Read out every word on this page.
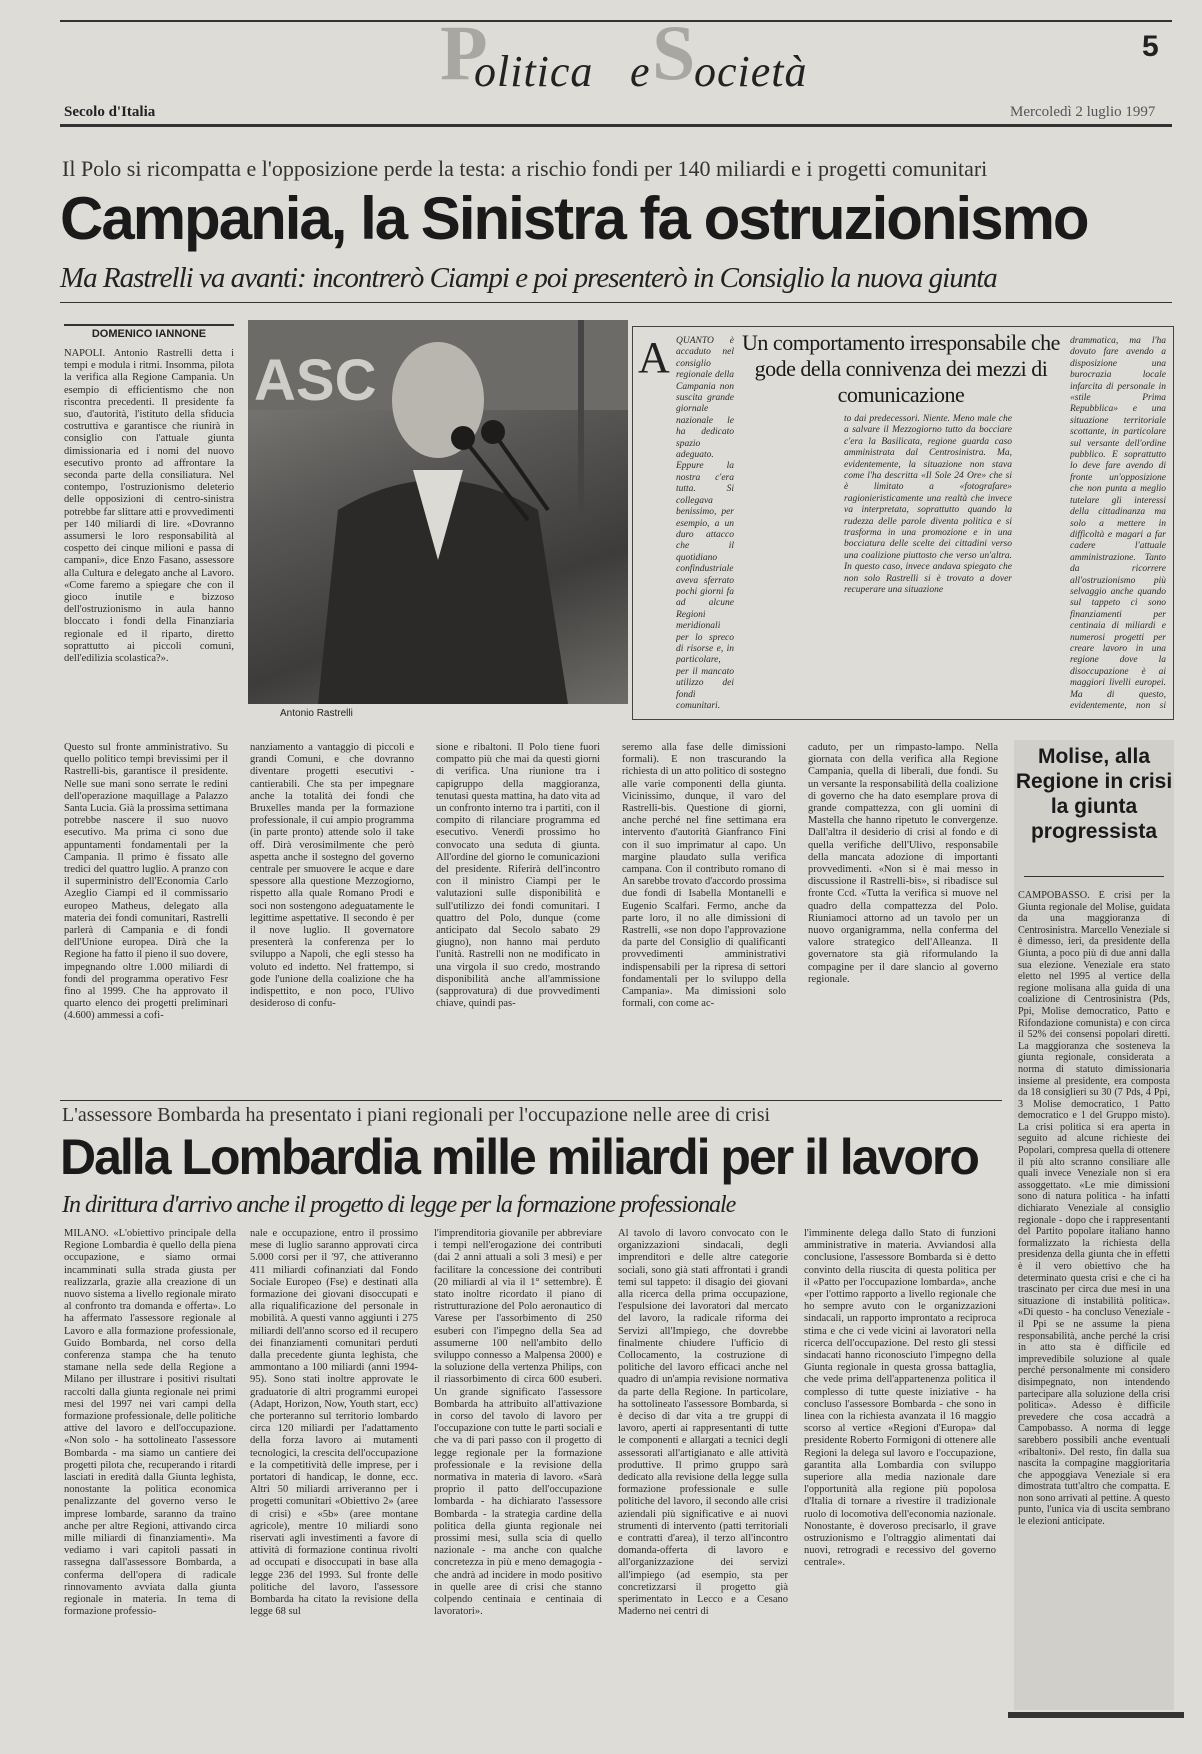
P
olitica e S
ocietà
5
Secolo d'Italia	Mercoledì 2 luglio 1997
Il Polo si ricompatta e l'opposizione perde la testa: a rischio fondi per 140 miliardi e i progetti comunitari
Campania, la Sinistra fa ostruzionismo
Ma Rastrelli va avanti: incontrerò Ciampi e poi presenterò in Consiglio la nuova giunta
DOMENICO IANNONE
NAPOLI. Antonio Rastrelli detta i tempi e modula i ritmi. Insomma, pilota la verifica alla Regione Campania. Un esempio di efficientismo che non riscontra precedenti. Il presidente fa suo, d'autorità, l'istituto della sfiducia costruttiva e garantisce che riunirà in consiglio con l'attuale giunta dimissionaria ed i nomi del nuovo esecutivo pronto ad affrontare la seconda parte della consiliatura. Nel contempo, l'ostruzionismo deleterio delle opposizioni di centro-sinistra potrebbe far slittare atti e provvedimenti per 140 miliardi di lire. «Dovranno assumersi le loro responsabilità al cospetto dei cinque milioni e passa di campani», dice Enzo Fasano, assessore alla Cultura e delegato anche al Lavoro. «Come faremo a spiegare che con il gioco inutile e bizzoso dell'ostruzionismo in aula hanno bloccato i fondi della Finanziaria regionale ed il riparto, diretto soprattutto ai piccoli comuni, dell'edilizia scolastica?».
ASC
Antonio Rastrelli
A	Un comportamento irresponsabile che gode della connivenza dei mezzi di comunicazione
QUANTO è accaduto nel consiglio regionale della Campania non suscita grande giornale nazionale le ha dedicato spazio adeguato. Eppure la nostra c'era tutta. Si collegava benissimo, per esempio, a un duro attacco che il quotidiano confindustriale aveva sferrato pochi giorni fa ad alcune Regioni meridionali per lo spreco di risorse e, in particolare, per il mancato utilizzo dei fondi comunitari.
to dai predecessori. Niente. Meno male che a salvare il Mezzogiorno tutto da bocciare c'era la Basilicata, regione guarda caso amministrata dal Centrosinistra. Ma, evidentemente, la situazione non stava come l'ha descritta «Il Sole 24 Ore» che si è limitato a «fotografare» ragionieristicamente una realtà che invece va interpretata, soprattutto quando la rudezza delle parole diventa politica e si trasforma in una promozione e in una bocciatura delle scelte dei cittadini verso una coalizione piuttosto che verso un'altra. In questo caso, invece andava spiegato che non solo Rastrelli si è trovato a dover recuperare una situazione
drammatica, ma l'ha dovuto fare avendo a disposizione una burocrazia locale infarcita di personale in «stile Prima Repubblica» e una situazione territoriale scottante, in particolare sul versante dell'ordine pubblico. E soprattutto lo deve fare avendo di fronte un'opposizione che non punta a meglio tutelare gli interessi della cittadinanza ma solo a mettere in difficoltà e magari a far cadere l'attuale amministrazione. Tanto da ricorrere all'ostruzionismo più selvaggio anche quando sul tappeto ci sono finanziamenti per centinaia di miliardi e numerosi progetti per creare lavoro in una regione dove la disoccupazione è ai maggiori livelli europei. Ma di questo, evidentemente, non si
Questo sul fronte amministrativo. Su quello politico tempi brevissimi per il Rastrelli-bis, garantisce il presidente. Nelle sue mani sono serrate le redini dell'operazione maquillage a Palazzo Santa Lucia. Già la prossima settimana potrebbe nascere il suo nuovo esecutivo. Ma prima ci sono due appuntamenti fondamentali per la Campania. Il primo è fissato alle tredici del quattro luglio. A pranzo con il superministro dell'Economia Carlo Azeglio Ciampi ed il commissario europeo Matheus, delegato alla materia dei fondi comunitari, Rastrelli parlerà di Campania e di fondi dell'Unione europea. Dirà che la Regione ha fatto il pieno il suo dovere, impegnando oltre 1.000 miliardi di fondi del programma operativo Fesr fino al 1999. Che ha approvato il quarto elenco dei progetti preliminari (4.600) ammessi a cofi-
nanziamento a vantaggio di piccoli e grandi Comuni, e che dovranno diventare progetti esecutivi - cantierabili. Che sta per impegnare anche la totalità dei fondi che Bruxelles manda per la formazione professionale, il cui ampio programma (in parte pronto) attende solo il take off. Dirà verosimilmente che però aspetta anche il sostegno del governo centrale per smuovere le acque e dare spessore alla questione Mezzogiorno, rispetto alla quale Romano Prodi e soci non sostengono adeguatamente le legittime aspettative. Il secondo è per il nove luglio. Il governatore presenterà la conferenza per lo sviluppo a Napoli, che egli stesso ha voluto ed indetto. Nel frattempo, si gode l'unione della coalizione che ha indispettito, e non poco, l'Ulivo desideroso di confu-
sione e ribaltoni. Il Polo tiene fuori compatto più che mai da questi giorni di verifica. Una riunione tra i capigruppo della maggioranza, tenutasi questa mattina, ha dato vita ad un confronto interno tra i partiti, con il compito di rilanciare programma ed esecutivo. Venerdì prossimo ho convocato una seduta di giunta. All'ordine del giorno le comunicazioni del presidente. Riferirà dell'incontro con il ministro Ciampi per le valutazioni sulle disponibilità e sull'utilizzo dei fondi comunitari. I quattro del Polo, dunque (come anticipato dal Secolo sabato 29 giugno), non hanno mai perduto l'unità. Rastrelli non ne modificato in una virgola il suo credo, mostrando disponibilità anche all'ammissione (sapprovatura) di due provvedimenti chiave, quindi pas-
seremo alla fase delle dimissioni formali). E non trascurando la richiesta di un atto politico di sostegno alle varie componenti della giunta. Vicinissimo, dunque, il varo del Rastrelli-bis. Questione di giorni, anche perché nel fine settimana era intervento d'autorità Gianfranco Fini con il suo imprimatur al capo. Un margine plaudato sulla verifica campana. Con il contributo romano di An sarebbe trovato d'accordo prossima due fondi di Isabella Montanelli e Eugenio Scalfari. Fermo, anche da parte loro, il no alle dimissioni di Rastrelli, «se non dopo l'approvazione da parte del Consiglio di qualificanti provvedimenti amministrativi indispensabili per la ripresa di settori fondamentali per lo sviluppo della Campania». Ma dimissioni solo formali, con come ac-
caduto, per un rimpasto-lampo. Nella giornata con della verifica alla Regione Campania, quella di liberali, due fondi. Su un versante la responsabilità della coalizione di governo che ha dato esemplare prova di grande compattezza, con gli uomini di Mastella che hanno ripetuto le convergenze. Dall'altra il desiderio di crisi al fondo e di quella verifiche dell'Ulivo, responsabile della mancata adozione di importanti provvedimenti. «Non si è mai messo in discussione il Rastrelli-bis», si ribadisce sul fronte Ccd. «Tutta la verifica si muove nel quadro della compattezza del Polo. Riuniamoci attorno ad un tavolo per un nuovo organigramma, nella conferma del valore strategico dell'Alleanza. Il governatore sta già riformulando la compagine per il dare slancio al governo regionale.
Molise, alla Regione in crisi la giunta progressista
CAMPOBASSO. È crisi per la Giunta regionale del Molise, guidata da una maggioranza di Centrosinistra. Marcello Veneziale si è dimesso, ieri, da presidente della Giunta, a poco più di due anni dalla sua elezione. Veneziale era stato eletto nel 1995 al vertice della regione molisana alla guida di una coalizione di Centrosinistra (Pds, Ppi, Molise democratico, Patto e Rifondazione comunista) e con circa il 52% dei consensi popolari diretti. La maggioranza che sosteneva la giunta regionale, considerata a norma di statuto dimissionaria insieme al presidente, era composta da 18 consiglieri su 30 (7 Pds, 4 Ppi, 3 Molise democratico, 1 Patto democratico e 1 del Gruppo misto). La crisi politica si era aperta in seguito ad alcune richieste dei Popolari, compresa quella di ottenere il più alto scranno consiliare alle quali invece Veneziale non si era assoggettato. «Le mie dimissioni sono di natura politica - ha infatti dichiarato Veneziale al consiglio regionale - dopo che i rappresentanti del Partito popolare italiano hanno formalizzato la richiesta della presidenza della giunta che in effetti è il vero obiettivo che ha determinato questa crisi e che ci ha trascinato per circa due mesi in una situazione di instabilità politica». «Di questo - ha concluso Veneziale - il Ppi se ne assume la piena responsabilità, anche perché la crisi in atto sta è difficile ed imprevedibile soluzione al quale perché personalmente mi considero disimpegnato, non intendendo partecipare alla soluzione della crisi politica». Adesso è difficile prevedere che cosa accadrà a Campobasso. A norma di legge sarebbero possibili anche eventuali «ribaltoni». Del resto, fin dalla sua nascita la compagine maggioritaria che appoggiava Veneziale si era dimostrata tutt'altro che compatta. E non sono arrivati al pettine. A questo punto, l'unica via di uscita sembrano le elezioni anticipate.
L'assessore Bombarda ha presentato i piani regionali per l'occupazione nelle aree di crisi
Dalla Lombardia mille miliardi per il lavoro
In dirittura d'arrivo anche il progetto di legge per la formazione professionale
MILANO. «L'obiettivo principale della Regione Lombardia è quello della piena occupazione, e siamo ormai incamminati sulla strada giusta per realizzarla, grazie alla creazione di un nuovo sistema a livello regionale mirato al confronto tra domanda e offerta». Lo ha affermato l'assessore regionale al Lavoro e alla formazione professionale, Guido Bombarda, nel corso della conferenza stampa che ha tenuto stamane nella sede della Regione a Milano per illustrare i positivi risultati raccolti dalla giunta regionale nei primi mesi del 1997 nei vari campi della formazione professionale, delle politiche attive del lavoro e dell'occupazione. «Non solo - ha sottolineato l'assessore Bombarda - ma siamo un cantiere dei progetti pilota che, recuperando i ritardi lasciati in eredità dalla Giunta leghista, nonostante la politica economica penalizzante del governo verso le imprese lombarde, saranno da traino anche per altre Regioni, attivando circa mille miliardi di finanziamenti». Ma vediamo i vari capitoli passati in rassegna dall'assessore Bombarda, a conferma dell'opera di radicale rinnovamento avviata dalla giunta regionale in materia. In tema di formazione professio-
nale e occupazione, entro il prossimo mese di luglio saranno approvati circa 5.000 corsi per il '97, che attiveranno 411 miliardi cofinanziati dal Fondo Sociale Europeo (Fse) e destinati alla formazione dei giovani disoccupati e alla riqualificazione del personale in mobilità. A questi vanno aggiunti i 275 miliardi dell'anno scorso ed il recupero dei finanziamenti comunitari perduti dalla precedente giunta leghista, che ammontano a 100 miliardi (anni 1994-95). Sono stati inoltre approvate le graduatorie di altri programmi europei (Adapt, Horizon, Now, Youth start, ecc) che porteranno sul territorio lombardo circa 120 miliardi per l'adattamento della forza lavoro ai mutamenti tecnologici, la crescita dell'occupazione e la competitività delle imprese, per i portatori di handicap, le donne, ecc. Altri 50 miliardi arriveranno per i progetti comunitari «Obiettivo 2» (aree di crisi) e «5b» (aree montane agricole), mentre 10 miliardi sono riservati agli investimenti a favore di attività di formazione continua rivolti ad occupati e disoccupati in base alla legge 236 del 1993. Sul fronte delle politiche del lavoro, l'assessore Bombarda ha citato la revisione della legge 68 sul
l'imprenditoria giovanile per abbreviare i tempi nell'erogazione dei contributi (dai 2 anni attuali a soli 3 mesi) e per facilitare la concessione dei contributi (20 miliardi al via il 1° settembre). È stato inoltre ricordato il piano di ristrutturazione del Polo aeronautico di Varese per l'assorbimento di 250 esuberi con l'impegno della Sea ad assumerne 100 nell'ambito dello sviluppo connesso a Malpensa 2000) e la soluzione della vertenza Philips, con il riassorbimento di circa 600 esuberi. Un grande significato l'assessore Bombarda ha attribuito all'attivazione in corso del tavolo di lavoro per l'occupazione con tutte le parti sociali e che va di pari passo con il progetto di legge regionale per la formazione professionale e la revisione della normativa in materia di lavoro. «Sarà proprio il patto dell'occupazione lombarda - ha dichiarato l'assessore Bombarda - la strategia cardine della politica della giunta regionale nei prossimi mesi, sulla scia di quello nazionale - ma anche con qualche concretezza in più e meno demagogia - che andrà ad incidere in modo positivo in quelle aree di crisi che stanno colpendo centinaia e centinaia di lavoratori».
Al tavolo di lavoro convocato con le organizzazioni sindacali, degli imprenditori e delle altre categorie sociali, sono già stati affrontati i grandi temi sul tappeto: il disagio dei giovani alla ricerca della prima occupazione, l'espulsione dei lavoratori dal mercato del lavoro, la radicale riforma dei Servizi all'Impiego, che dovrebbe finalmente chiudere l'ufficio di Collocamento, la costruzione di politiche del lavoro efficaci anche nel quadro di un'ampia revisione normativa da parte della Regione. In particolare, ha sottolineato l'assessore Bombarda, si è deciso di dar vita a tre gruppi di lavoro, aperti ai rappresentanti di tutte le componenti e allargati a tecnici degli assessorati all'artigianato e alle attività produttive. Il primo gruppo sarà dedicato alla revisione della legge sulla formazione professionale e sulle politiche del lavoro, il secondo alle crisi aziendali più significative e ai nuovi strumenti di intervento (patti territoriali e contratti d'area), il terzo all'incontro domanda-offerta di lavoro e all'organizzazione dei servizi all'impiego (ad esempio, sta per concretizzarsi il progetto già sperimentato in Lecco e a Cesano Maderno nei centri di
l'imminente delega dallo Stato di funzioni amministrative in materia. Avviandosi alla conclusione, l'assessore Bombarda si è detto convinto della riuscita di questa politica per il «Patto per l'occupazione lombarda», anche «per l'ottimo rapporto a livello regionale che ho sempre avuto con le organizzazioni sindacali, un rapporto improntato a reciproca stima e che ci vede vicini ai lavoratori nella ricerca dell'occupazione. Del resto gli stessi sindacati hanno riconosciuto l'impegno della Giunta regionale in questa grossa battaglia, che vede prima dell'appartenenza politica il complesso di tutte queste iniziative - ha concluso l'assessore Bombarda - che sono in linea con la richiesta avanzata il 16 maggio scorso al vertice «Regioni d'Europa» dal presidente Roberto Formigoni di ottenere alle Regioni la delega sul lavoro e l'occupazione, garantita alla Lombardia con sviluppo superiore alla media nazionale dare l'opportunità alla regione più popolosa d'Italia di tornare a rivestire il tradizionale ruolo di locomotiva dell'economia nazionale. Nonostante, è doveroso precisarlo, il grave ostruzionismo e l'oltraggio alimentati dai nuovi, retrogradi e recessivo del governo centrale».
